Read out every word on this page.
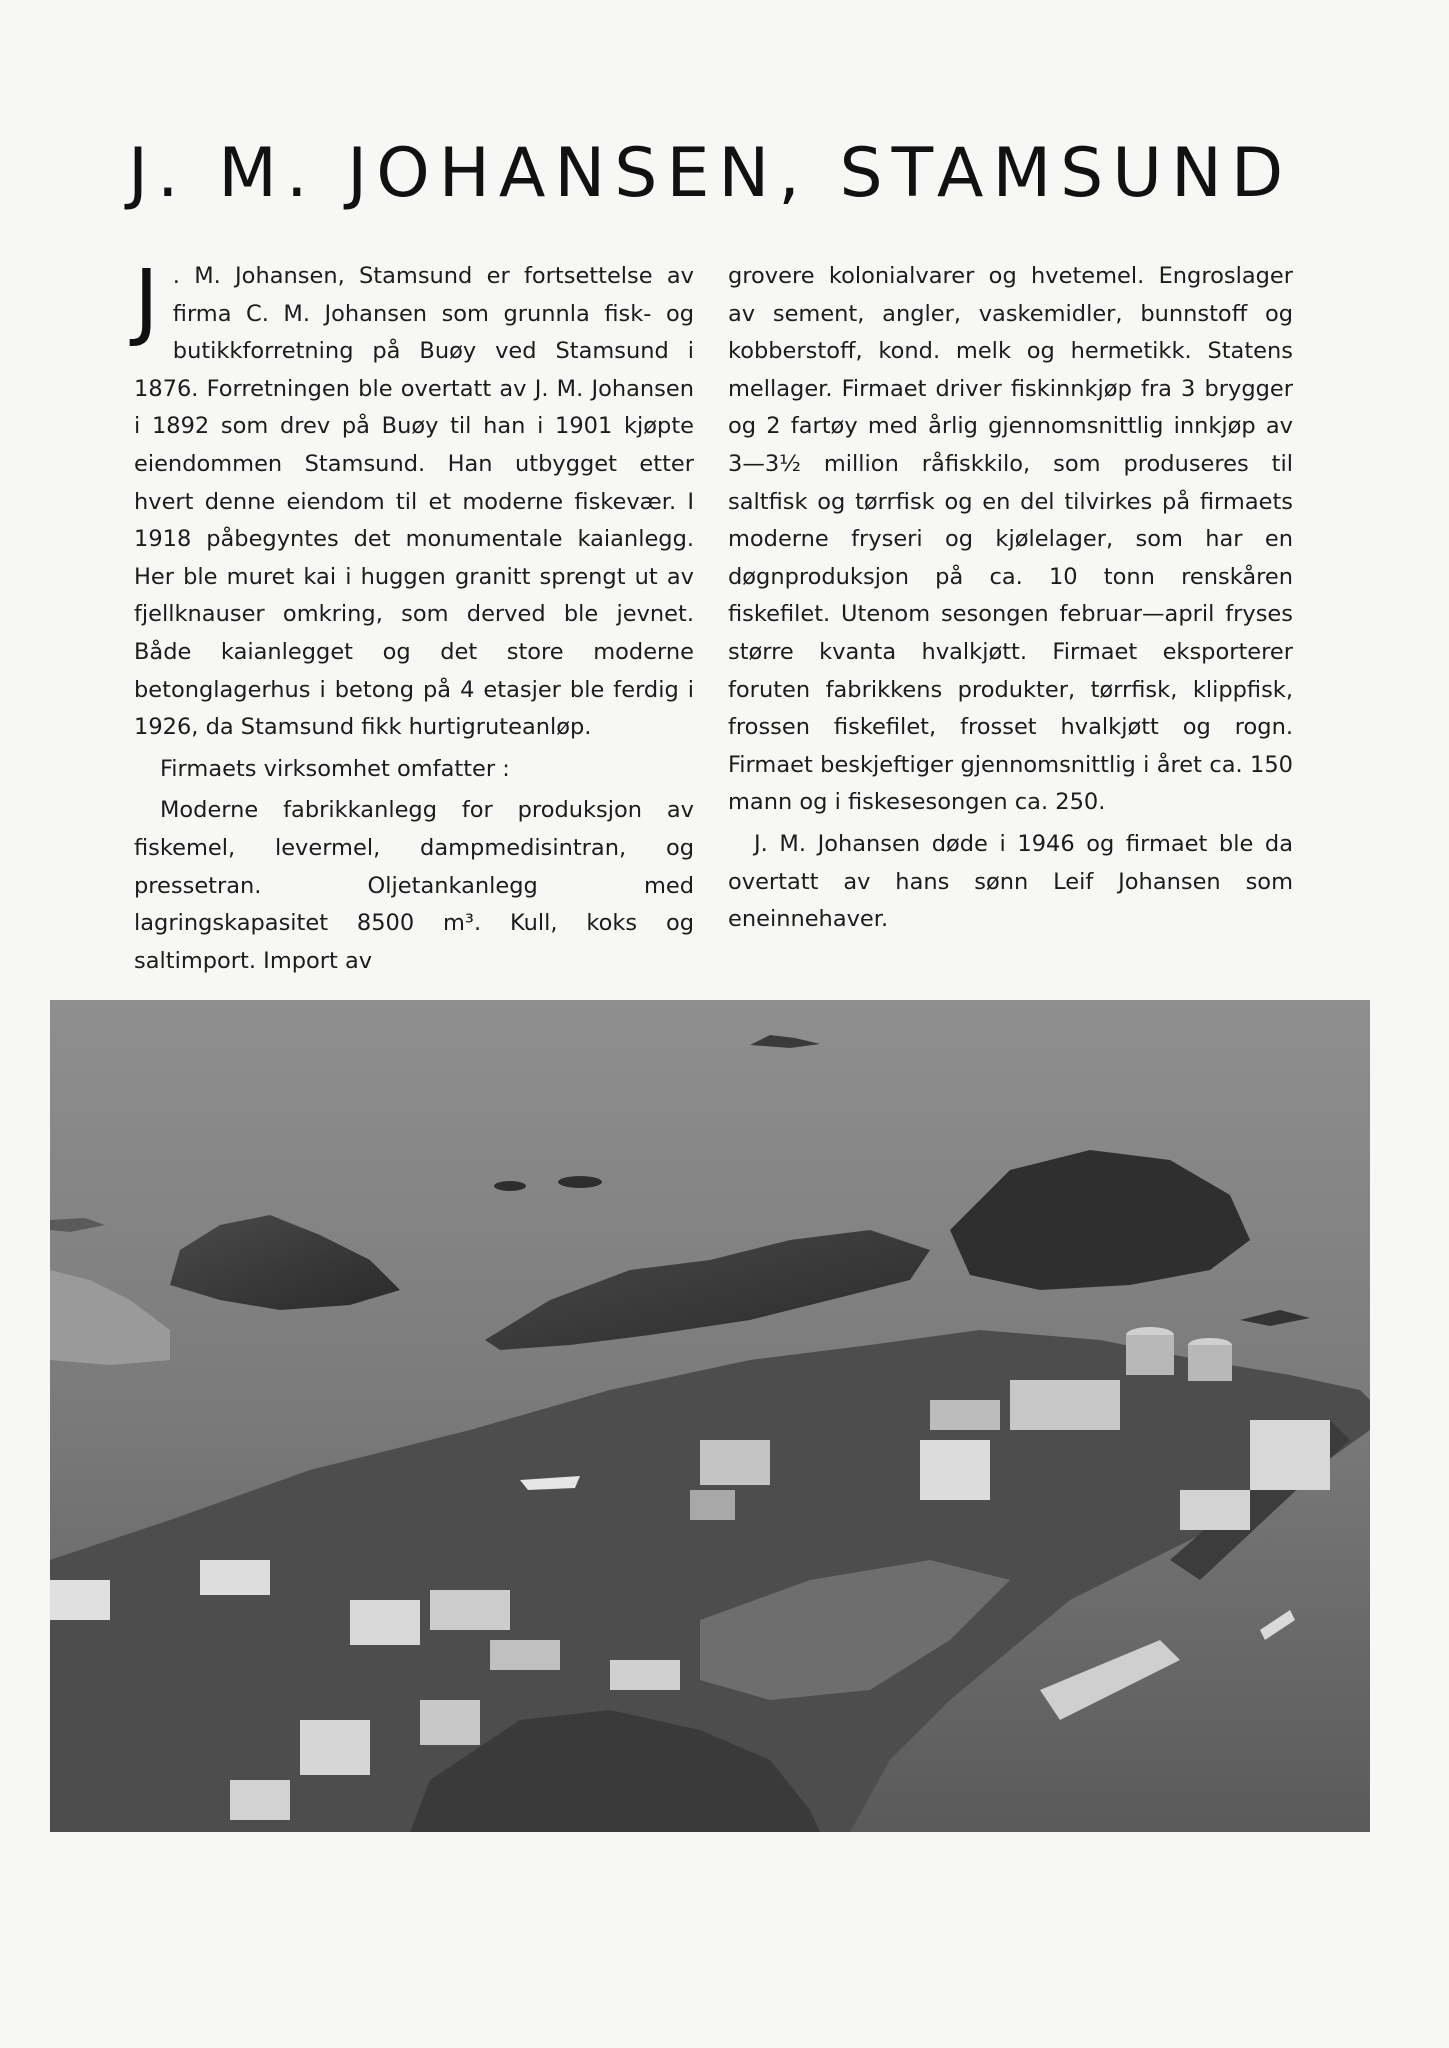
J. M. JOHANSEN, STAMSUND

J . M. Johansen, Stamsund er fortsettelse av firma C. M. Johansen som grunnla fisk- og butikkforretning på Buøy ved Stamsund i 1876. Forretningen ble overtatt av J. M. Johansen i 1892 som drev på Buøy til han i 1901 kjøpte eiendommen Stamsund. Han utbygget etter hvert denne eiendom til et moderne fiskevær. I 1918 påbegyntes det monumentale kaianlegg. Her ble muret kai i huggen granitt sprengt ut av fjellknauser omkring, som derved ble jevnet. Både kaianlegget og det store moderne betonglagerhus i betong på 4 etasjer ble ferdig i 1926, da Stamsund fikk hurtigruteanløp.

Firmaets virksomhet omfatter :

Moderne fabrikkanlegg for produksjon av fiskemel, levermel, dampmedisintran, og pressetran. Oljetankanlegg med lagringskapasitet 8500 m³. Kull, koks og saltimport. Import av

grovere kolonialvarer og hvetemel. Engroslager av sement, angler, vaskemidler, bunnstoff og kobberstoff, kond. melk og hermetikk. Statens mellager. Firmaet driver fiskinnkjøp fra 3 brygger og 2 fartøy med årlig gjennomsnittlig innkjøp av 3—3½ million råfiskkilo, som produseres til saltfisk og tørrfisk og en del tilvirkes på firmaets moderne fryseri og kjølelager, som har en døgnproduksjon på ca. 10 tonn renskåren fiskefilet. Utenom sesongen februar—april fryses større kvanta hvalkjøtt. Firmaet eksporterer foruten fabrikkens produkter, tørrfisk, klippfisk, frossen fiskefilet, frosset hvalkjøtt og rogn. Firmaet beskjeftiger gjennomsnittlig i året ca. 150 mann og i fiskesesongen ca. 250.

J. M. Johansen døde i 1946 og firmaet ble da overtatt av hans sønn Leif Johansen som eneinnehaver.
